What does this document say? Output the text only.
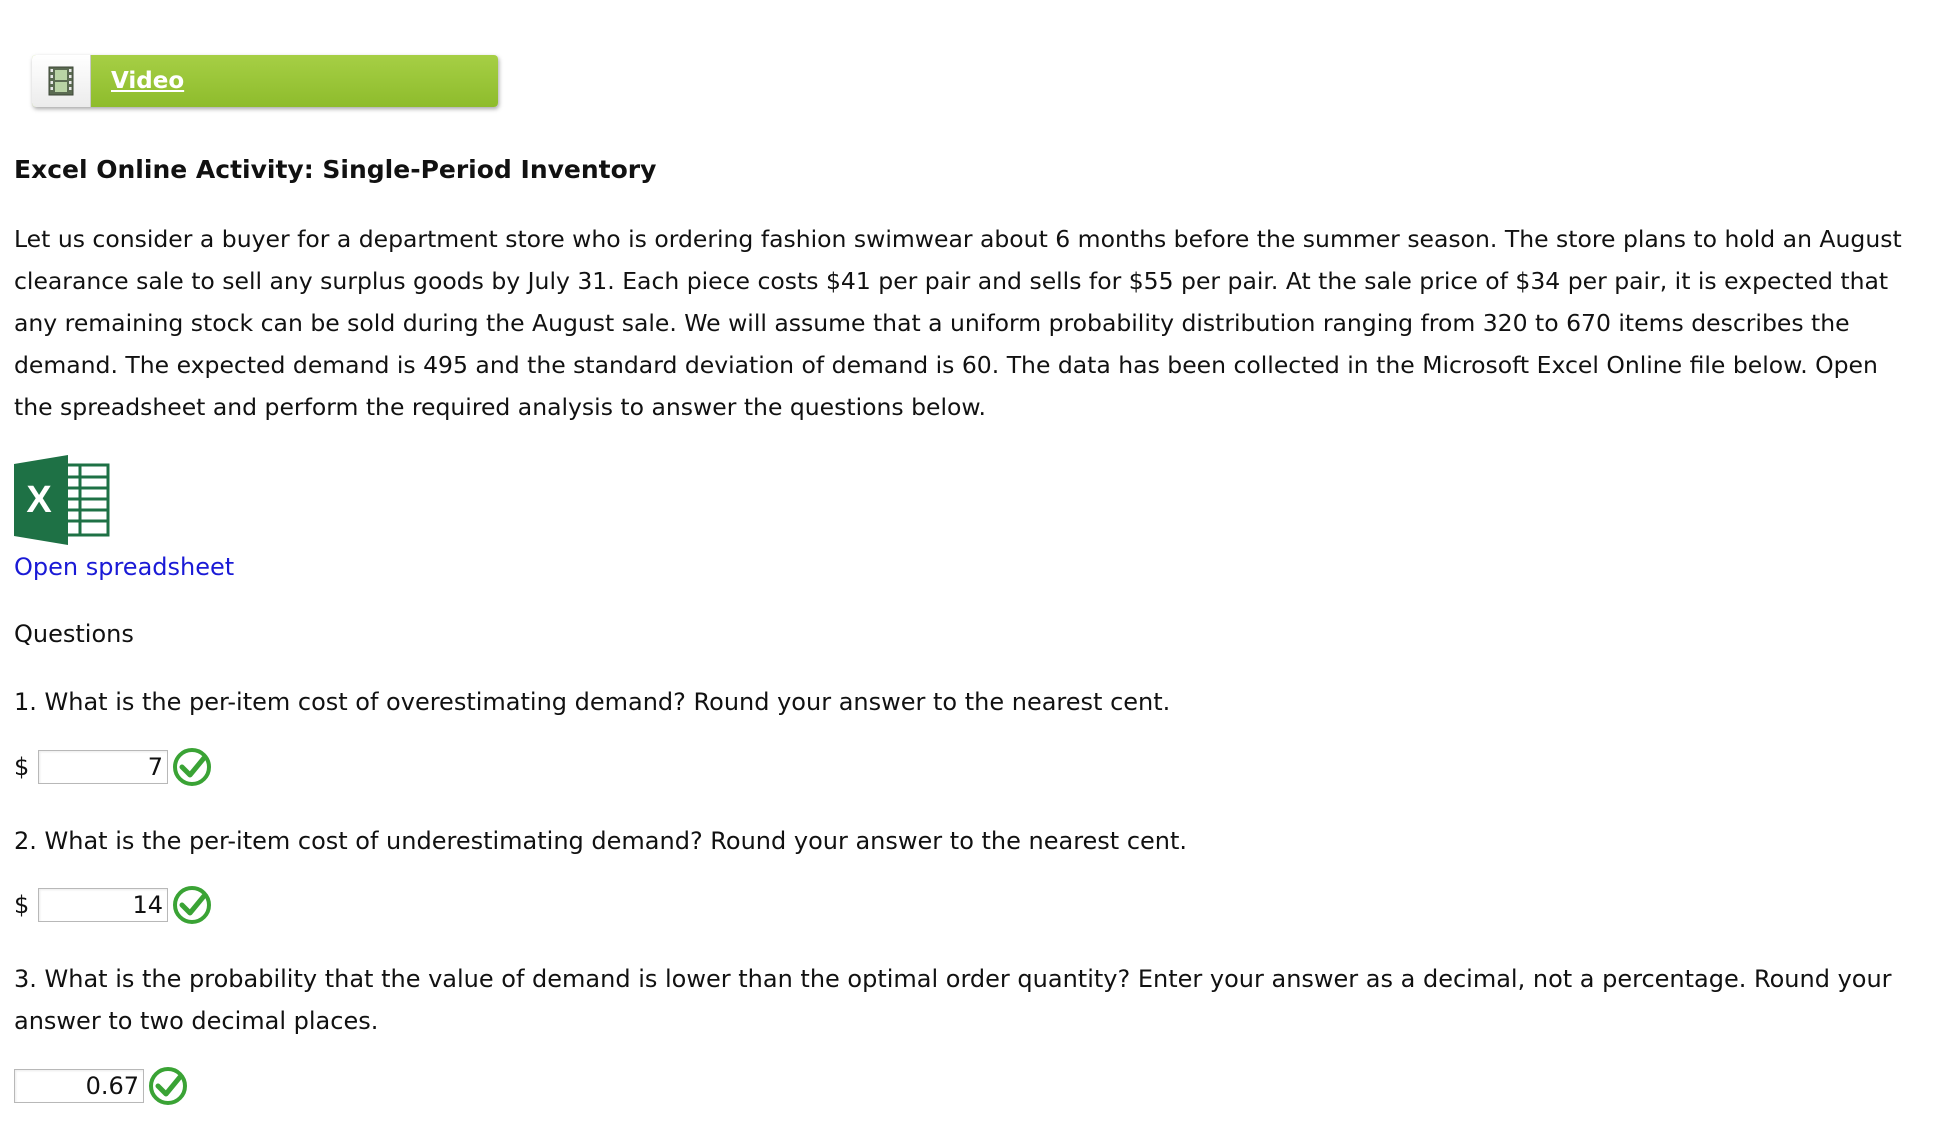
Video
Excel Online Activity: Single-Period Inventory

Let us consider a buyer for a department store who is ordering fashion swimwear about 6 months before the summer season. The store plans to hold an August clearance sale to sell any surplus goods by July 31. Each piece costs $41 per pair and sells for $55 per pair. At the sale price of $34 per pair, it is expected that any remaining stock can be sold during the August sale. We will assume that a uniform probability distribution ranging from 320 to 670 items describes the demand. The expected demand is 495 and the standard deviation of demand is 60. The data has been collected in the Microsoft Excel Online file below. Open the spreadsheet and perform the required analysis to answer the questions below.

X
Open spreadsheet

Questions

1. What is the per-item cost of overestimating demand? Round your answer to the nearest cent.

$
7

2. What is the per-item cost of underestimating demand? Round your answer to the nearest cent.

$
14

3. What is the probability that the value of demand is lower than the optimal order quantity? Enter your answer as a decimal, not a percentage. Round your answer to two decimal places.

0.67
